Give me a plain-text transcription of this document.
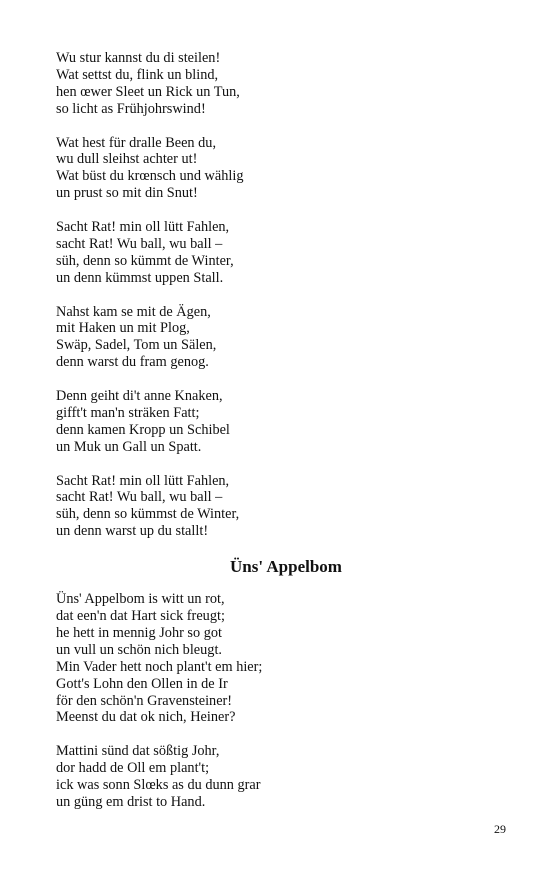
Wu stur kannst du di steilen!
Wat settst du, flink un blind,
hen œwer Sleet un Rick un Tun,
so licht as Frühjohrswind!
Wat hest für dralle Been du,
wu dull sleihst achter ut!
Wat büst du krœnsch und wählig
un prust so mit din Snut!
Sacht Rat! min oll lütt Fahlen,
sacht Rat! Wu ball, wu ball –
süh, denn so kümmt de Winter,
un denn kümmst uppen Stall.
Nahst kam se mit de Ägen,
mit Haken un mit Plog,
Swäp, Sadel, Tom un Sälen,
denn warst du fram genog.
Denn geiht di't anne Knaken,
gifft't man'n sträken Fatt;
denn kamen Kropp un Schibel
un Muk un Gall un Spatt.
Sacht Rat! min oll lütt Fahlen,
sacht Rat! Wu ball, wu ball –
süh, denn so kümmst de Winter,
un denn warst up du stallt!
Üns' Appelbom
Üns' Appelbom is witt un rot,
dat een'n dat Hart sick freugt;
he hett in mennig Johr so got
un vull un schön nich bleugt.
Min Vader hett noch plant't em hier;
Gott's Lohn den Ollen in de Ir
för den schön'n Gravensteiner!
Meenst du dat ok nich, Heiner?
Mattini sünd dat sößtig Johr,
dor hadd de Oll em plant't;
ick was sonn Slœks as du dunn grar
un güng em drist to Hand.
29
